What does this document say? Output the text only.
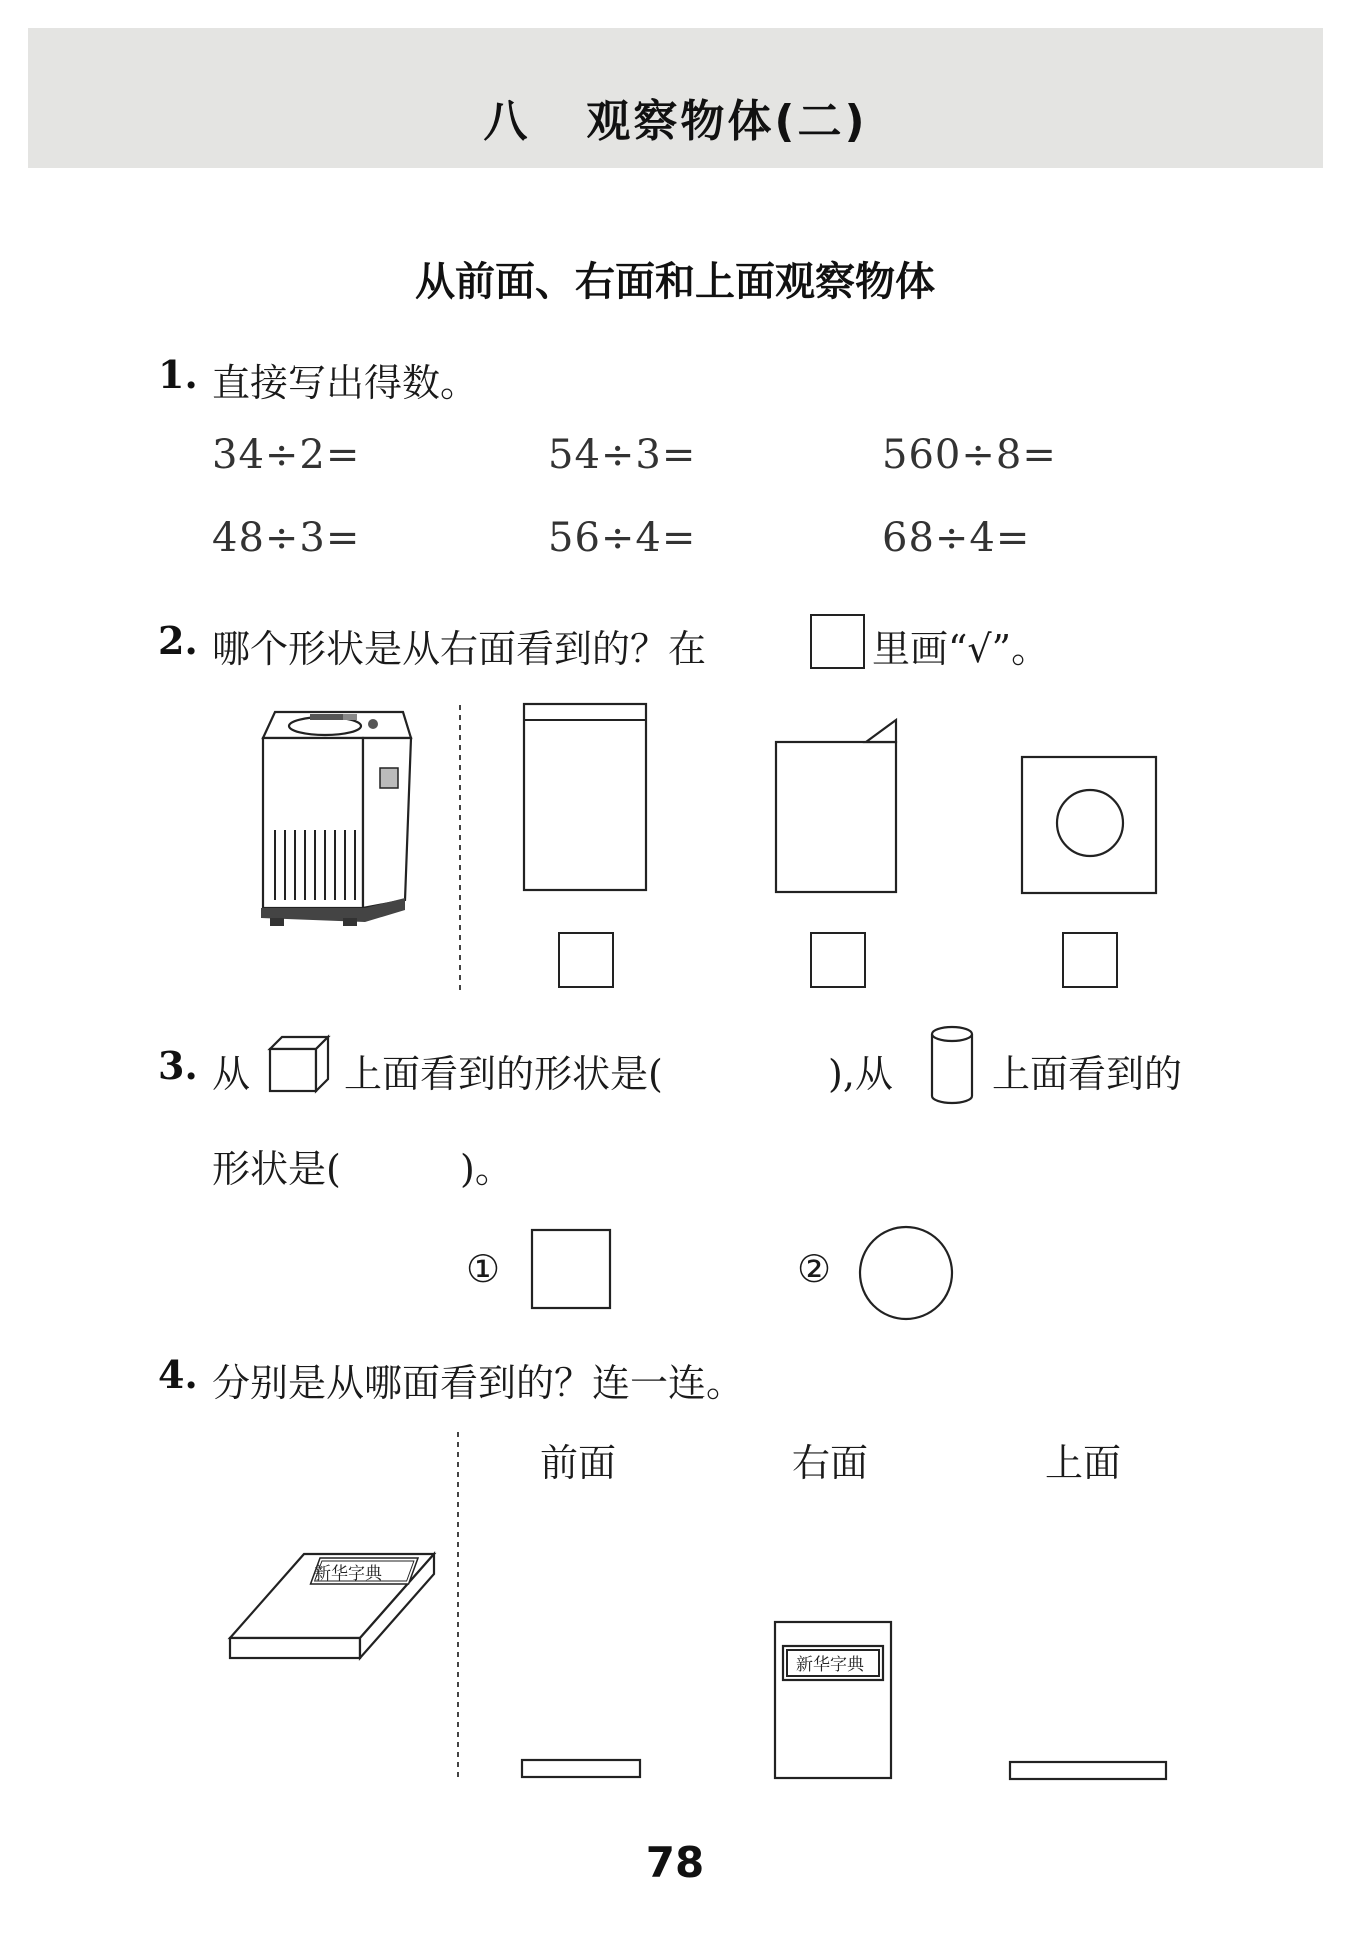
八 观察物体(二)
从前面、右面和上面观察物体
1. 直接写出得数。
34÷2=	54÷3=	560÷8=
48÷3=	56÷4=	68÷4=
2. 哪个形状是从右面看到的？在	里画“√”。
3. 从 上面看到的形状是(	),从	上面看到的
形状是(	)。
①	②
4. 分别是从哪面看到的？连一连。
前面	右面	上面
新华字典
新华字典
78
